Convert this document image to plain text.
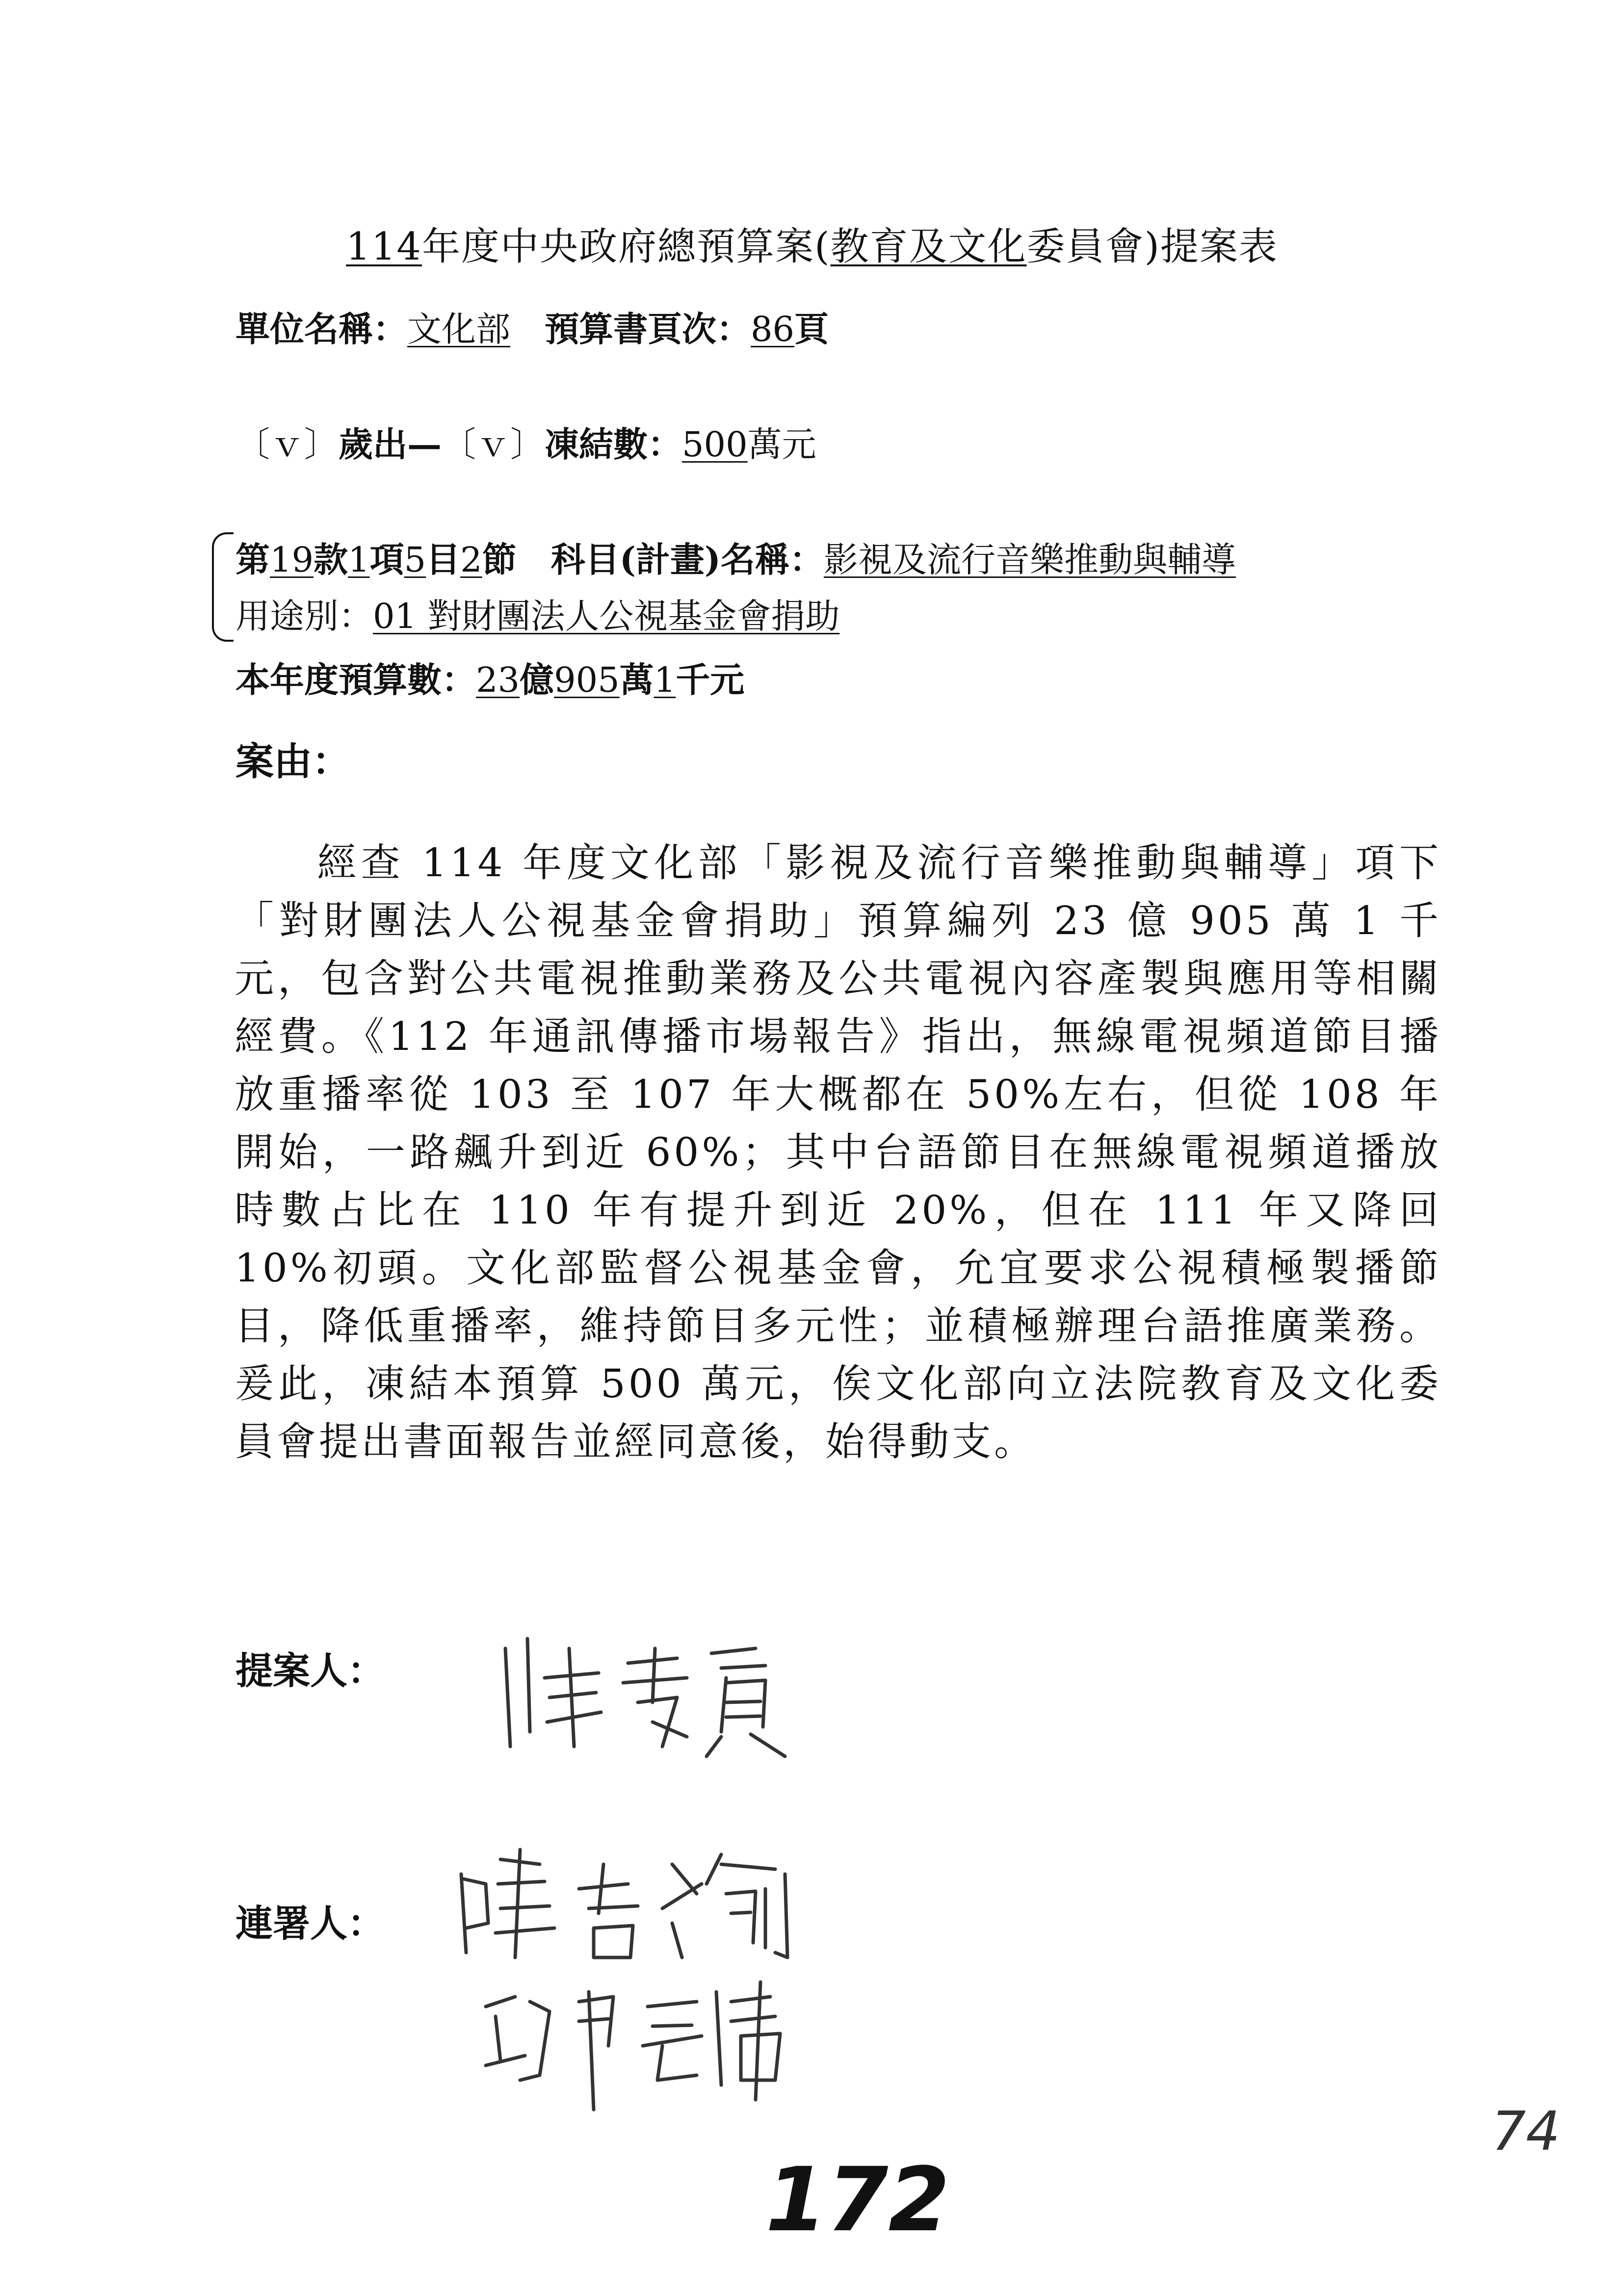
114年度中央政府總預算案(教育及文化委員會)提案表
單位名稱：文化部 預算書頁次：86頁
〔ｖ〕歲出—〔ｖ〕凍結數：500萬元
第19款1項5目2節 科目(計畫)名稱：影視及流行音樂推動與輔導
用途別：01 對財團法人公視基金會捐助
本年度預算數：23億905萬1千元
案由：
經查 114 年度文化部「影視及流行音樂推動與輔導」項下「對財團法人公視基金會捐助」預算編列 23 億 905 萬 1 千元，包含對公共電視推動業務及公共電視內容產製與應用等相關經費。《112 年通訊傳播市場報告》指出，無線電視頻道節目播放重播率從 103 至 107 年大概都在 50%左右，但從 108 年開始，一路飆升到近 60%；其中台語節目在無線電視頻道播放時數占比在 110 年有提升到近 20%，但在 111 年又降回 10%初頭。文化部監督公視基金會，允宜要求公視積極製播節目，降低重播率，維持節目多元性；並積極辦理台語推廣業務。爰此，凍結本預算 500 萬元，俟文化部向立法院教育及文化委員會提出書面報告並經同意後，始得動支。
提案人：
連署人：
172
74
